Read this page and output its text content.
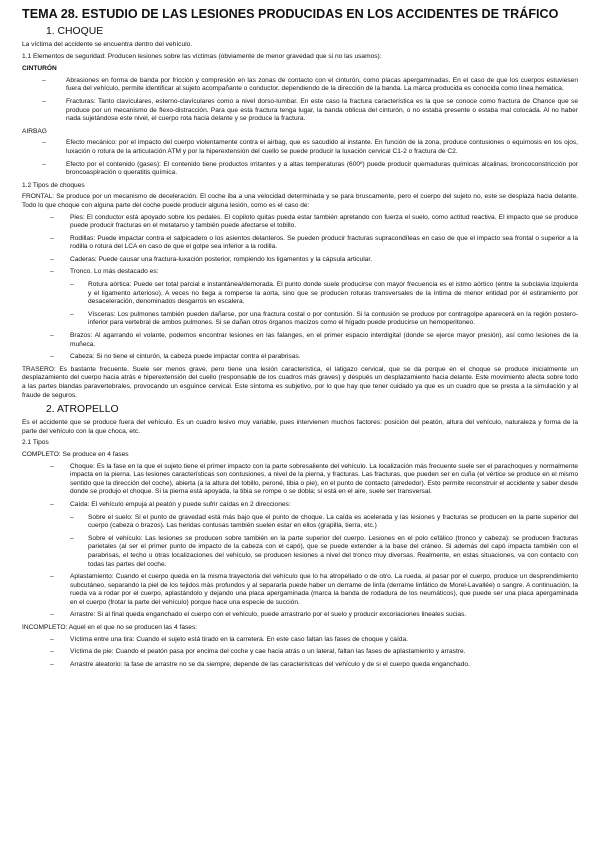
TEMA 28. ESTUDIO DE LAS LESIONES PRODUCIDAS EN LOS ACCIDENTES DE TRÁFICO
1. CHOQUE

La víctima del accidente se encuentra dentro del vehículo.

1.1 Elementos de seguridad: Producen lesiones sobre las víctimas (obviamente de menor gravedad que si no las usamos):

CINTURÓN
–	Abrasiones en forma de banda por fricción y compresión en las zonas de contacto con el cinturón, como placas apergaminadas. En el caso de que los cuerpos estuviesen fuera del vehículo, permite identificar al sujeto acompañante o conductor, dependiendo de la dirección de la banda. La marca producida es conocida como línea hematica.
–	Fracturas: Tanto clavículares, esterno-clavículares como a nivel dorso-lumbar. En este caso la fractura característica es la que se conoce como fractura de Chance que se produce por un mecanismo de flexo-distracción. Para que esta fractura tenga lugar, la banda oblicua del cinturón, o no estaba presente o estaba mal colocada. Al no haber nada sujetándose este nivel, el cuerpo rota hacia delante y se produce la fractura.
AIRBAG
–	Efecto mecánico: por el impacto del cuerpo violentamente contra el airbag, que es sacudido al instante. En función de la zona, produce contusiones o equimosis en los ojos, luxación o rotura de la articulación ATM y por la hiperextensión del cuello se puede producir la luxación cervical C1-2 o fractura de C2.
–	Efecto por el contenido (gases): El contenido tiene productos irritantes y a altas temperaturas (600º) puede producir quemaduras químicas alcalinas, broncoconstricción por broncoaspiración o queratitis química.

1.2 Tipos de choques

FRONTAL: Se produce por un mecanismo de deceleración. El coche iba a una velocidad determinada y se para bruscamente, pero el cuerpo del sujeto no, este se desplaza hacia delante. Todo lo que choque con alguna parte del coche puede producir alguna lesión, como es el caso de:

– Pies: El conductor está apoyado sobre los pedales. El copiloto quitas pueda estar también apretando con fuerza el suelo, como actitud reactiva. El impacto que se produce puede producir fracturas en el metatarso y también puede afectarse el tobillo.
– Rodillas: Puede impactar contra el salpicadero o los asientos delanteros. Se pueden producir fracturas supracondíleas en caso de que el impacto sea frontal o superior a la rodilla o rotura del LCA en caso de que el golpe sea inferior a la rodilla.
– Caderas: Puede causar una fractura-luxación posterior, rompiendo los ligamentos y la cápsula articular.
– Tronco. Lo más destacado es:
– Rotura aórtica: Puede ser total parcial e instantánea/demorada. El punto donde suele producirse con mayor frecuencia es el istmo aórtico (entre la subclavia izquierda y el ligamento arterioso). A veces no llega a romperse la aorta, sino que se producen roturas transversales de la íntima de menor entidad por el estiramiento por desaceleración, denominados desgarros en escalera.
– Vísceras: Los pulmones también pueden dañarse, por una fractura costal o por contusión. Si la contusión se produce por contragolpe aparecerá en la región postero-inferior para vertebral de ambos pulmones. Si se dañan otros órganos macizos como el hígado puede producirse un hemoperitoneo.
– Brazos: Al agarrando el volante, podemos encontrar lesiones en las falanges, en el primer espacio interdigital (donde se ejerce mayor presión), así como lesiones de la muñeca.
– Cabeza: Si no tiene el cinturón, la cabeza puede impactar contra el parabrisas.

TRASERO: Es bastante frecuente. Suele ser menos grave, pero tiene una lesión característica, el latigazo cervical, que se da porque en el choque se produce inicialmente un desplazamiento del cuerpo hacia atrás e hiperextensión del cuello (responsable de los cuadros más graves) y después un desplazamiento hacia delante. Este movimiento afecta sobre todo a las partes blandas paravertebrales, provocando un esguince cervical. Este síntoma es subjetivo, por lo que hay que tener cuidado ya que es un cuadro que se presta a la simulación y al fraude de seguros.

2. ATROPELLO

Es el accidente que se produce fuera del vehículo. Es un cuadro lesivo muy variable, pues intervienen muchos factores: posición del peatón, altura del vehículo, naturaleza y forma de la parte del vehículo con la que choca, etc.

2.1 Tipos

COMPLETO: Se produce en 4 fases

– Choque: Es la fase en la que el sujeto tiene el primer impacto con la parte sobresaliente del vehículo. La localización más frecuente suele ser el parachoques y normalmente impacta en la pierna. Las lesiones características son contusiones, a nivel de la pierna, y fracturas. Las fracturas, que pueden ser en cuña (el vértice se produce en el mismo sentido que la dirección del coche), abierta (a la altura del tobillo, peroné, tibia o pie), en el punto de contacto (alrededor). Esto permite reconstruir el accidente y saber desde donde se produjo el choque. Si la pierna está apoyada, la tibia se rompe o se dobla; si está en el aire, suele ser transversal.
– Caída: El vehículo empuja al peatón y puede sufrir caídas en 2 direcciones:
– Sobre el suelo: Si el punto de gravedad está más bajo que el punto de choque. La caída es acelerada y las lesiones y fracturas se producen en la parte superior del cuerpo (cabeza o brazos). Las heridas contusas también suelen estar en ellos (grapilla, tierra, etc.)
– Sobre el vehículo: Las lesiones se producen sobre también en la parte superior del cuerpo. Lesiones en el polo cefálico (tronco y cabeza): se producen fracturas parietales (al ser el primer punto de impacto de la cabeza con el capó), que se puede extender a la base del cráneo. Si además del capó impacta también con el parabrisas, el techo u otras localizaciones del vehículo, se producen lesiones a nivel del tronco muy diversas. Realmente, en estas situaciones, va con contacto con todas las partes del coche.
– Aplastamiento: Cuando el cuerpo queda en la misma trayectoria del vehículo que lo ha atropellado o de otro. La rueda, al pasar por el cuerpo, produce un desprendimiento subcutáneo, separando la piel de los tejidos más profundos y al separarla puede haber un derrame de linfa (derrame linfático de Morel-Lavallée) o sangre. A continuación, la rueda va a rodar por el cuerpo, aplastándolo y dejando una placa apergaminada (marca la banda de rodadura de los neumáticos), que puede ser una placa apergaminada en el cuerpo (frotar la parte del vehículo) porque hace una especie de succión.
– Arrastre: Si al final queda enganchado el cuerpo con el vehículo, puede arrastrarlo por el suelo y producir excoriaciones lineales sucias.

INCOMPLETO: Aquel en el que no se producen las 4 fases:

– Víctima entre una tira: Cuando el sujeto está tirado en la carretera. En este caso faltan las fases de choque y caída.
– Víctima de pie: Cuando el peatón pasa por encima del coche y cae hacia atrás o un lateral, faltan las fases de aplastamiento y arrastre.
– Arrastre aleatorio: la fase de arrastre no se da siempre, depende de las características del vehículo y de si el cuerpo queda enganchado.
